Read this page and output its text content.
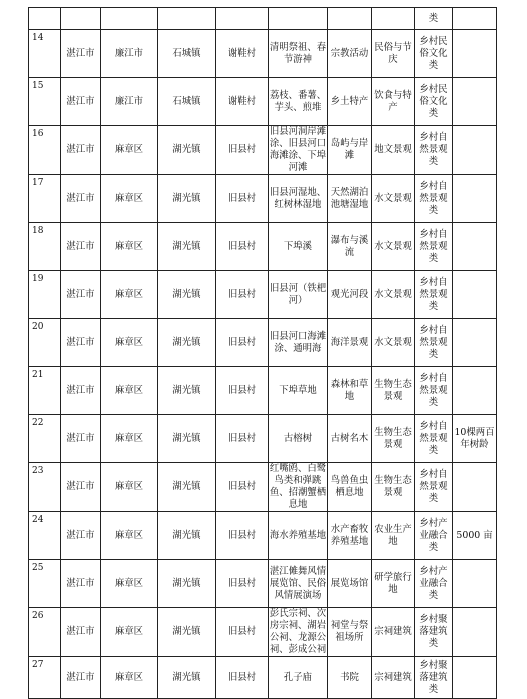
								类	

14	湛江市	廉江市	石城镇	谢鞋村	清明祭祖、春节游神	宗教活动	民俗与节庆	乡村民俗文化类	

15	湛江市	廉江市	石城镇	谢鞋村	荔枝、番薯、芋头、煎堆	乡土特产	饮食与特产	乡村民俗文化类	

16	湛江市	麻章区	湖光镇	旧县村	旧县河洞岸滩涂、旧县河口海滩涂、下埠河滩	岛屿与岸滩	地文景观	乡村自然景观类	

17	湛江市	麻章区	湖光镇	旧县村	旧县河湿地、红树林湿地	天然湖泊池塘湿地	水文景观	乡村自然景观类	

18	湛江市	麻章区	湖光镇	旧县村	下埠溪	瀑布与溪流	水文景观	乡村自然景观类	

19	湛江市	麻章区	湖光镇	旧县村	旧县河（铁杷河）	观光河段	水文景观	乡村自然景观类	

20	湛江市	麻章区	湖光镇	旧县村	旧县河口海滩涂、通明海	海洋景观	水文景观	乡村自然景观类	

21	湛江市	麻章区	湖光镇	旧县村	下埠草地	森林和草地	生物生态景观	乡村自然景观类	

22	湛江市	麻章区	湖光镇	旧县村	古榕树	古树名木	生物生态景观	乡村自然景观类	10棵两百年树龄

23	湛江市	麻章区	湖光镇	旧县村	红嘴鸥、白鹭鸟类和弹跳鱼、招潮蟹栖息地	鸟兽鱼虫栖息地	生物生态景观	乡村自然景观类	

24	湛江市	麻章区	湖光镇	旧县村	海水养殖基地	水产畜牧养殖基地	农业生产地	乡村产业融合类	5000 亩

25	湛江市	麻章区	湖光镇	旧县村	湛江傩舞风情展览馆、民俗风情展演场	展览场馆	研学旅行地	乡村产业融合类	

26	湛江市	麻章区	湖光镇	旧县村	彭氏宗祠、次房宗祠、湖岩公祠、龙源公祠、彭成公祠	祠堂与祭祖场所	宗祠建筑	乡村聚落建筑类	

27	湛江市	麻章区	湖光镇	旧县村	孔子庙	书院	宗祠建筑	乡村聚落建筑类	
